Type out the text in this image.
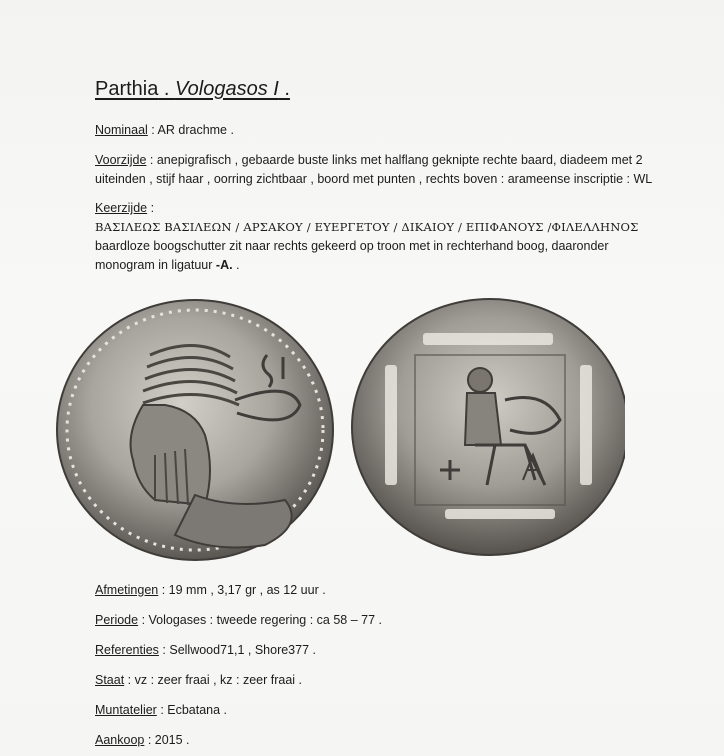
Parthia . Vologasos I .
Nominaal : AR drachme .
Voorzijde : anepigrafisch , gebaarde buste links met halflang geknipte rechte baard, diadeem met 2
uiteinden , stijf haar , oorring zichtbaar , boord met punten , rechts boven : arameense inscriptie : WL
Keerzijde :
ΒΑΣΙΛΕΩΣ ΒΑΣΙΛΕΩΝ / ΑΡΣΑΚΟΥ / ΕΥΕΡΓΕΤΟΥ / ΔΙΚΑΙΟΥ / ΕΠΙΦΑΝΟΥΣ /ΦΙΛΕΛΛΗΝΟΣ
baardloze boogschutter zit naar rechts gekeerd op troon met in rechterhand boog, daaronder
monogram in ligatuur -A. .
Afmetingen : 19 mm , 3,17 gr , as 12 uur .
Periode : Vologases : tweede regering : ca 58 – 77 .
Referenties : Sellwood71,1 , Shore377 .
Staat : vz : zeer fraai , kz : zeer fraai .
Muntatelier : Ecbatana .
Aankoop : 2015 .
